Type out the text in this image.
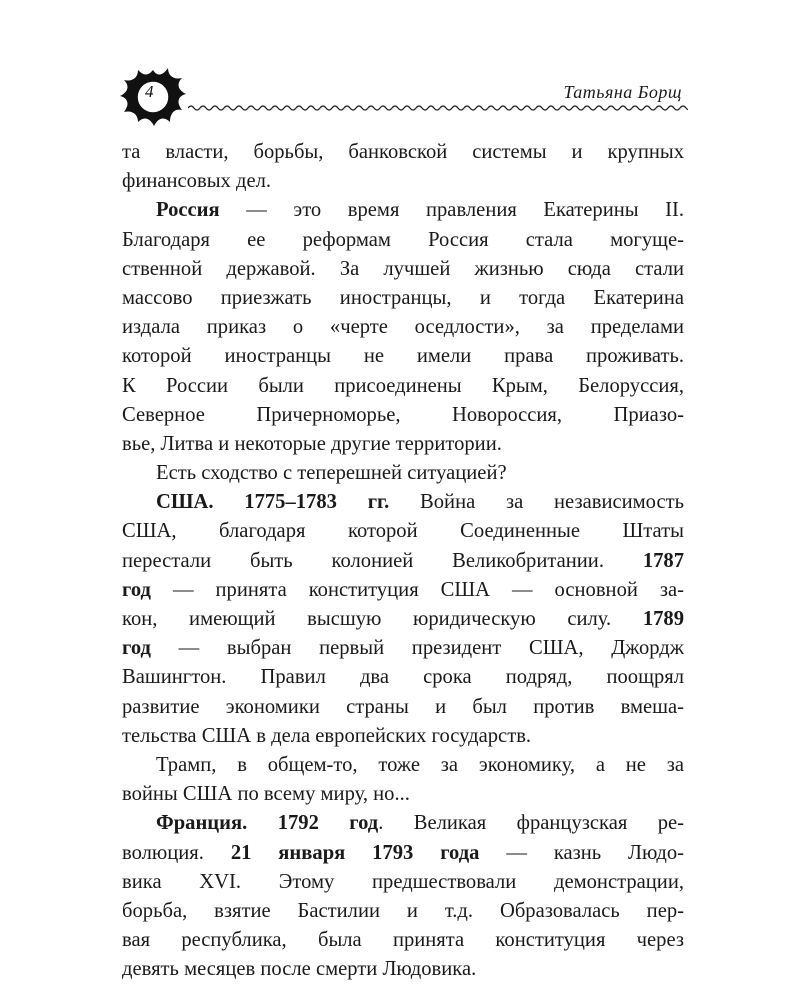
4	Татьяна Борщ
та власти, борьбы, банковской системы и крупных
финансовых дел.
Россия — это время правления Екатерины II.
Благодаря ее реформам Россия стала могуще-
ственной державой. За лучшей жизнью сюда стали
массово приезжать иностранцы, и тогда Екатерина
издала приказ о «черте оседлости», за пределами
которой иностранцы не имели права проживать.
К России были присоединены Крым, Белоруссия,
Северное Причерноморье, Новороссия, Приазо-
вье, Литва и некоторые другие территории.
Есть сходство с теперешней ситуацией?
США. 1775–1783 гг. Война за независимость
США, благодаря которой Соединенные Штаты
перестали быть колонией Великобритании. 1787
год — принята конституция США — основной за-
кон, имеющий высшую юридическую силу. 1789
год — выбран первый президент США, Джордж
Вашингтон. Правил два срока подряд, поощрял
развитие экономики страны и был против вмеша-
тельства США в дела европейских государств.
Трамп, в общем-то, тоже за экономику, а не за
войны США по всему миру, но...
Франция. 1792 год. Великая французская ре-
волюция. 21 января 1793 года — казнь Людо-
вика XVI. Этому предшествовали демонстрации,
борьба, взятие Бастилии и т.д. Образовалась пер-
вая республика, была принята конституция через
девять месяцев после смерти Людовика.
